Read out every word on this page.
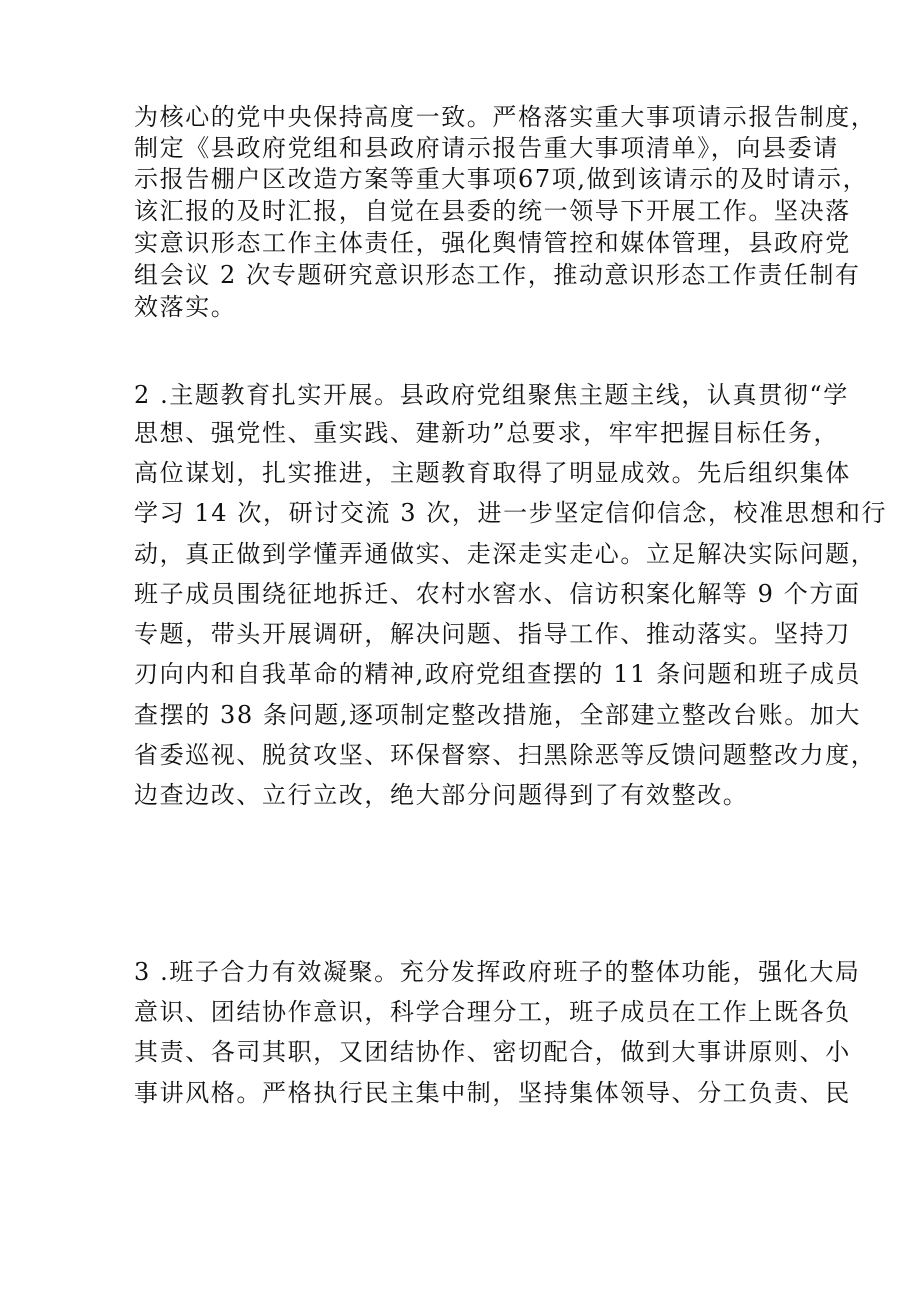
为核心的党中央保持高度一致。严格落实重大事项请示报告制度，
制定《县政府党组和县政府请示报告重大事项清单》，向县委请
示报告棚户区改造方案等重大事项67项,做到该请示的及时请示，
该汇报的及时汇报，自觉在县委的统一领导下开展工作。坚决落
实意识形态工作主体责任，强化舆情管控和媒体管理，县政府党
组会议 2 次专题研究意识形态工作，推动意识形态工作责任制有
效落实。
2 .主题教育扎实开展。县政府党组聚焦主题主线，认真贯彻“学
思想、强党性、重实践、建新功”总要求，牢牢把握目标任务，
高位谋划，扎实推进，主题教育取得了明显成效。先后组织集体
学习 14 次，研讨交流 3 次，进一步坚定信仰信念，校准思想和行
动，真正做到学懂弄通做实、走深走实走心。立足解决实际问题，
班子成员围绕征地拆迁、农村水窖水、信访积案化解等 9 个方面
专题，带头开展调研，解决问题、指导工作、推动落实。坚持刀
刃向内和自我革命的精神,政府党组查摆的 11 条问题和班子成员
查摆的 38 条问题,逐项制定整改措施，全部建立整改台账。加大
省委巡视、脱贫攻坚、环保督察、扫黑除恶等反馈问题整改力度，
边查边改、立行立改，绝大部分问题得到了有效整改。
3 .班子合力有效凝聚。充分发挥政府班子的整体功能，强化大局
意识、团结协作意识，科学合理分工，班子成员在工作上既各负
其责、各司其职，又团结协作、密切配合，做到大事讲原则、小
事讲风格。严格执行民主集中制，坚持集体领导、分工负责、民
